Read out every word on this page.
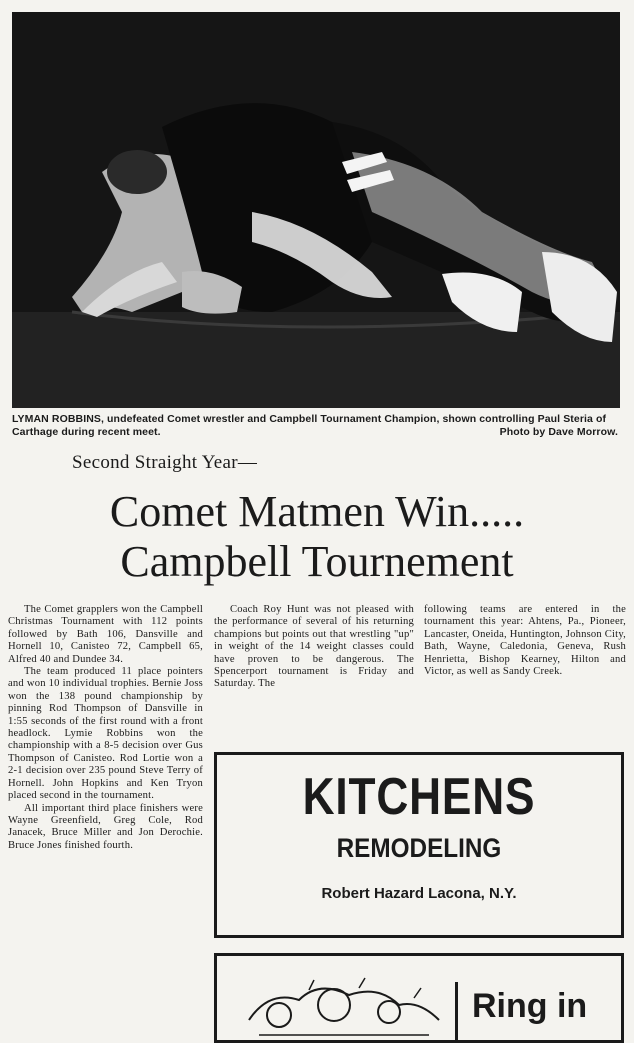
LYMAN ROBBINS, undefeated Comet wrestler and Campbell Tournament Champion, shown controlling Paul Steria of Carthage during recent meet.	Photo by Dave Morrow.
Second Straight Year—
Comet Matmen Win.....
Campbell Tournement

The Comet grapplers won the Campbell Christmas Tournament with 112 points followed by Bath 106, Dansville and Hornell 10, Canisteo 72, Campbell 65, Alfred 40 and Dundee 34.

The team produced 11 place pointers and won 10 individual trophies. Bernie Joss won the 138 pound championship by pinning Rod Thompson of Dansville in 1:55 seconds of the first round with a front headlock. Lymie Robbins won the championship with a 8-5 decision over Gus Thompson of Canisteo. Rod Lortie won a 2-1 decision over 235 pound Steve Terry of Hornell. John Hopkins and Ken Tryon placed second in the tournament.

All important third place finishers were Wayne Greenfield, Greg Cole, Rod Janacek, Bruce Miller and Jon Derochie. Bruce Jones finished fourth.

Coach Roy Hunt was not pleased with the performance of several of his returning champions but points out that wrestling "up" in weight of the 14 weight classes could have proven to be dangerous. The Spencerport tournament is Friday and Saturday. The

following teams are entered in the tournament this year: Ahtens, Pa., Pioneer, Lancaster, Oneida, Huntington, Johnson City, Bath, Wayne, Caledonia, Geneva, Rush Henrietta, Bishop Kearney, Hilton and Victor, as well as Sandy Creek.

KITCHENS
REMODELING
Robert Hazard Lacona, N.Y.
Ring in
